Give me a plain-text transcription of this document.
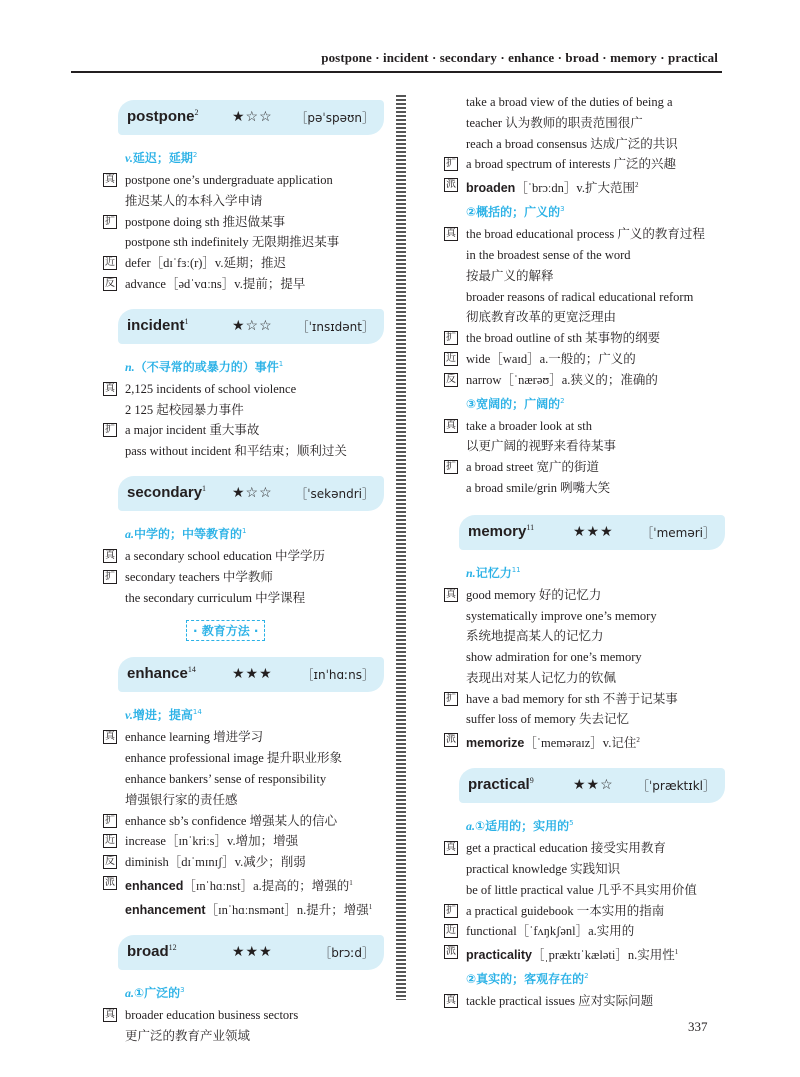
postpone · incident · secondary · enhance · broad · memory · practical
postpone$^2$ ★☆☆ ［pəˈspəʊn］
v.延迟；延期$^2$
真 postpone one’s undergraduate application
推迟某人的本科入学申请
扩 postpone doing sth 推迟做某事
postpone sth indefinitely 无限期推迟某事
近 defer［dɪˈfɜː(r)］v.延期；推迟
反 advance［ədˈvɑːns］v.提前；提早
incident$^1$	★☆☆ ［ˈɪnsɪdənt］
n.（不寻常的或暴力的）事件$^1$
真 2,125 incidents of school violence
2 125 起校园暴力事件
扩 a major incident 重大事故
pass without incident 和平结束；顺利过关
secondary$^1$ ★☆☆ ［ˈsekəndri］
a.中学的；中等教育的$^1$
真 a secondary school education 中学学历
扩 secondary teachers 中学教师
the secondary curriculum 中学课程
· 教育方法 ·
enhance$^{14}$	★★★ ［ɪnˈhɑːns］
v.增进；提高$^{14}$
真 enhance learning 增进学习
enhance professional image 提升职业形象
enhance bankers’ sense of responsibility
增强银行家的责任感
扩 enhance sb’s confidence 增强某人的信心
近 increase［ɪnˈkriːs］v.增加；增强
反 diminish［dɪˈmɪnɪʃ］v.减少；削弱
派 enhanced［ɪnˈhɑːnst］a.提高的；增强的$^1$
enhancement［ɪnˈhɑːnsmənt］n.提升；增强$^1$
broad$^{12}$	★★★	［brɔːd］
a.①广泛的$^3$
真 broader education business sectors
更广泛的教育产业领域
take a broad view of the duties of being a
teacher 认为教师的职责范围很广
reach a broad consensus 达成广泛的共识
扩 a broad spectrum of interests 广泛的兴趣
派 broaden［ˈbrɔːdn］v.扩大范围$^2$
②概括的；广义的$^3$
真 the broad educational process 广义的教育过程
in the broadest sense of the word
按最广义的解释
broader reasons of radical educational reform
彻底教育改革的更宽泛理由
扩 the broad outline of sth 某事物的纲要
近 wide［waɪd］a.一般的；广义的
反 narrow［ˈnærəʊ］a.狭义的；准确的
③宽阔的；广阔的$^2$
真 take a broader look at sth
以更广阔的视野来看待某事
扩 a broad street 宽广的街道
a broad smile/grin 咧嘴大笑
memory$^{11}$	★★★ ［ˈmeməri］
n.记忆力$^{11}$
真 good memory 好的记忆力
systematically improve one’s memory
系统地提高某人的记忆力
show admiration for one’s memory
表现出对某人记忆力的钦佩
扩 have a bad memory for sth 不善于记某事
suffer loss of memory 失去记忆
派 memorize［ˈmeməraɪz］v.记住$^2$
practical$^9$	★★☆ ［ˈpræktɪkl］
a.①适用的；实用的$^5$
真 get a practical education 接受实用教育
practical knowledge 实践知识
be of little practical value 几乎不具实用价值
扩 a practical guidebook 一本实用的指南
近 functional［ˈfʌŋkʃənl］a.实用的
派 practicality［ˌpræktɪˈkæləti］n.实用性$^1$
②真实的；客观存在的$^2$
真 tackle practical issues 应对实际问题
337
